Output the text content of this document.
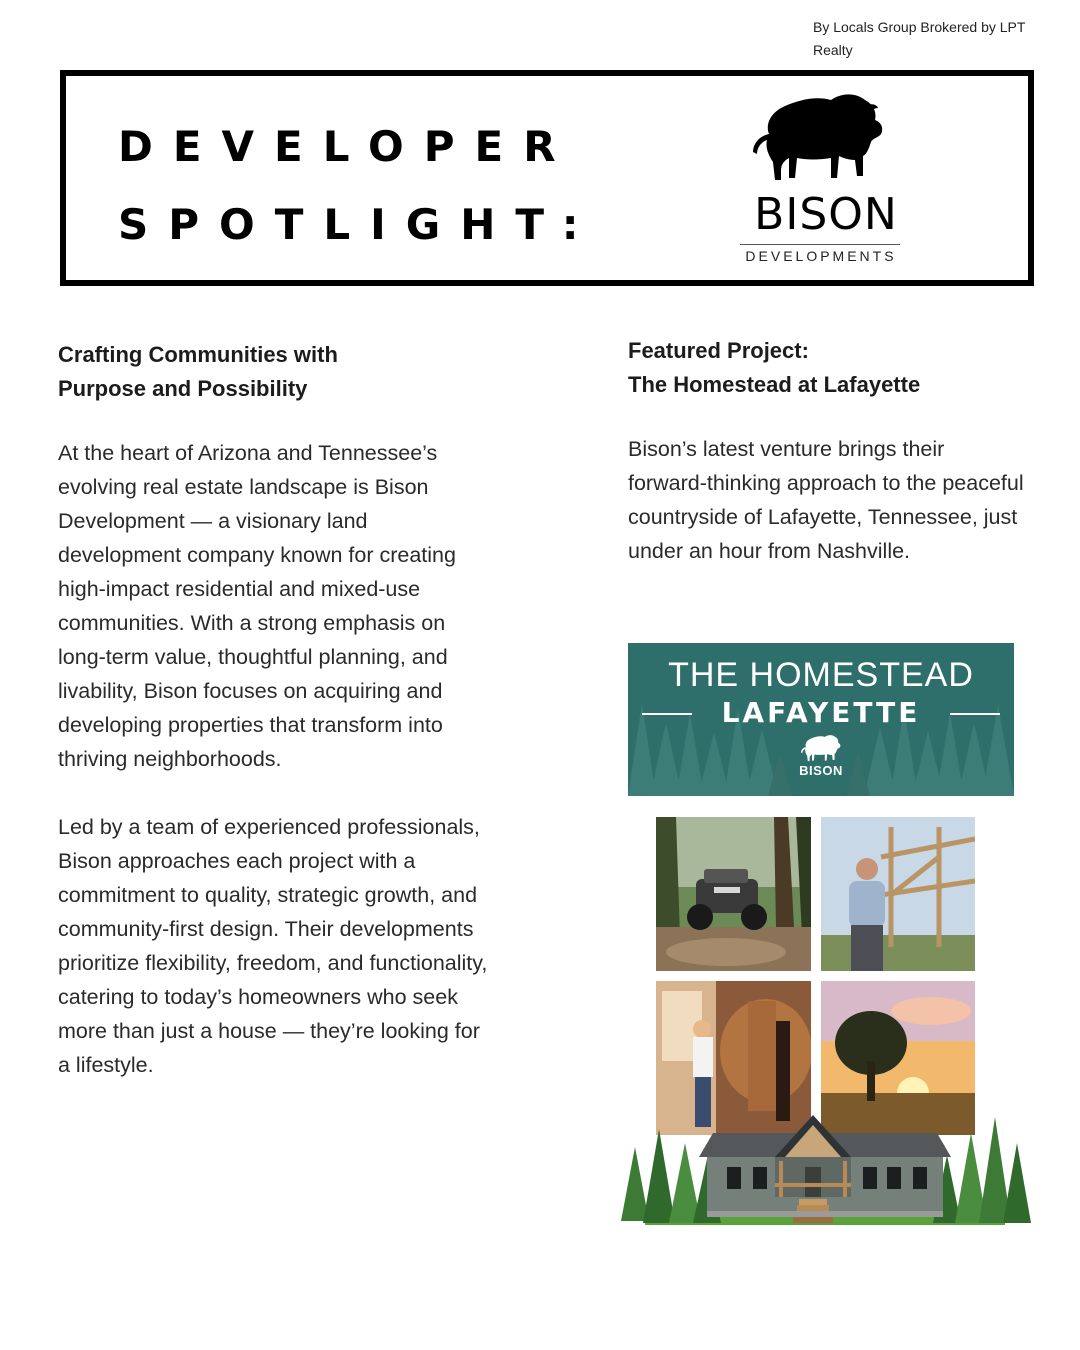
By Locals Group Brokered by LPT Realty
DEVELOPER
SPOTLIGHT:	BISON
DEVELOPMENTS
Crafting Communities with
Purpose and Possibility

At the heart of Arizona and Tennessee’s evolving real estate landscape is Bison Development — a visionary land development company known for creating high-impact residential and mixed-use communities. With a strong emphasis on long-term value, thoughtful planning, and livability, Bison focuses on acquiring and developing properties that transform into thriving neighborhoods.

Led by a team of experienced professionals, Bison approaches each project with a commitment to quality, strategic growth, and community-first design. Their developments prioritize flexibility, freedom, and functionality, catering to today’s homeowners who seek more than just a house — they’re looking for a lifestyle.

Featured Project:
The Homestead at Lafayette

Bison’s latest venture brings their forward-thinking approach to the peaceful countryside of Lafayette, Tennessee, just under an hour from Nashville.

THE HOMESTEAD
LAFAYETTE
BISON
